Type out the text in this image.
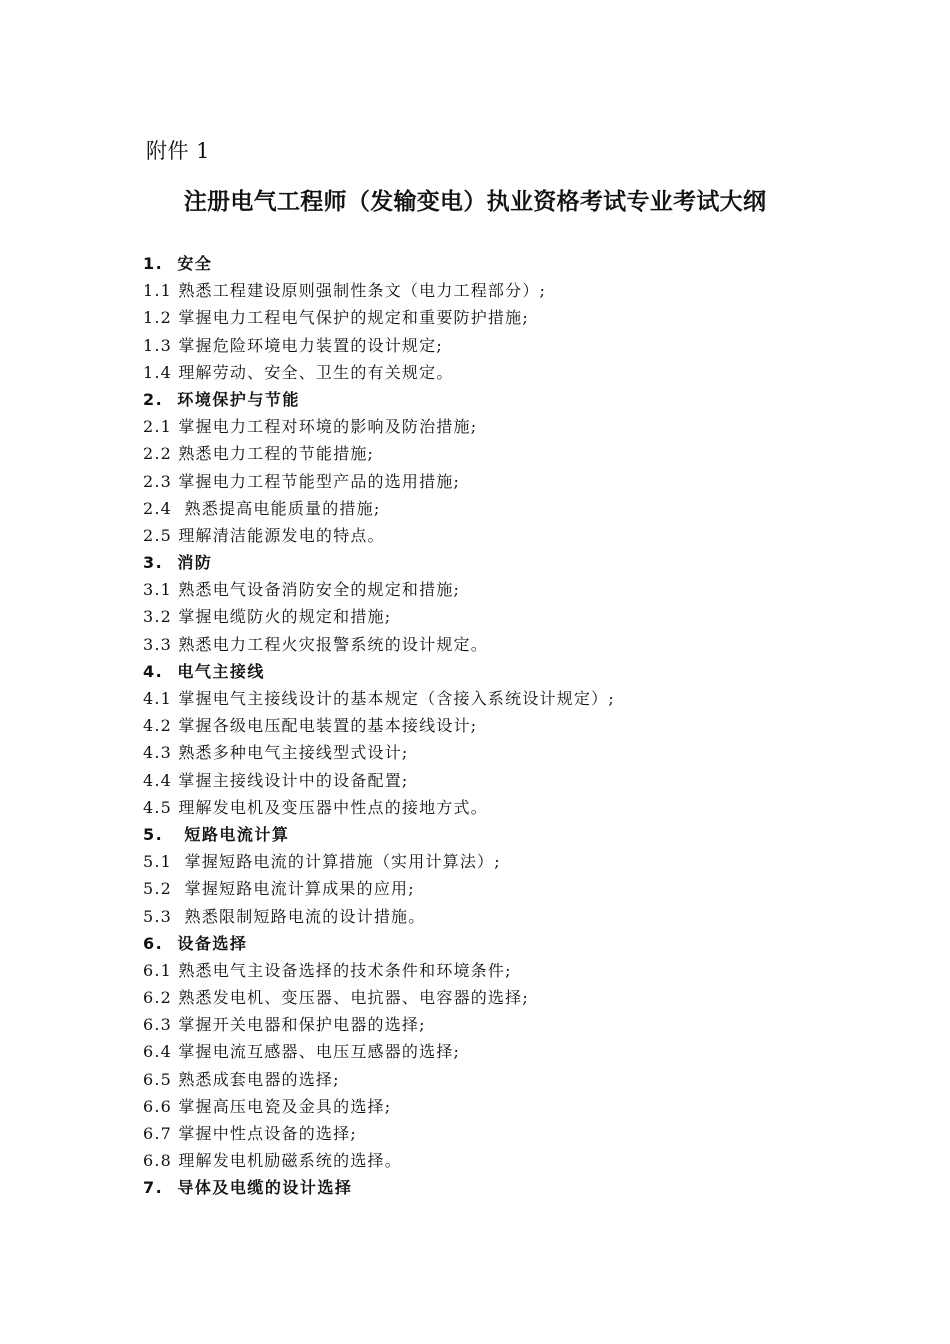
附件 1
注册电气工程师（发输变电）执业资格考试专业考试大纲
1.  安全
1.1 熟悉工程建设原则强制性条文（电力工程部分）;
1.2 掌握电力工程电气保护的规定和重要防护措施;
1.3 掌握危险环境电力装置的设计规定;
1.4 理解劳动、安全、卫生的有关规定。
2.  环境保护与节能
2.1 掌握电力工程对环境的影响及防治措施;
2.2 熟悉电力工程的节能措施;
2.3 掌握电力工程节能型产品的选用措施;
2.4  熟悉提高电能质量的措施;
2.5 理解清洁能源发电的特点。
3.  消防
3.1 熟悉电气设备消防安全的规定和措施;
3.2 掌握电缆防火的规定和措施;
3.3 熟悉电力工程火灾报警系统的设计规定。
4.  电气主接线
4.1 掌握电气主接线设计的基本规定（含接入系统设计规定）;
4.2 掌握各级电压配电装置的基本接线设计;
4.3 熟悉多种电气主接线型式设计;
4.4 掌握主接线设计中的设备配置;
4.5 理解发电机及变压器中性点的接地方式。
5.   短路电流计算
5.1  掌握短路电流的计算措施（实用计算法）;
5.2  掌握短路电流计算成果的应用;
5.3  熟悉限制短路电流的设计措施。
6.  设备选择
6.1 熟悉电气主设备选择的技术条件和环境条件;
6.2 熟悉发电机、变压器、电抗器、电容器的选择;
6.3 掌握开关电器和保护电器的选择;
6.4 掌握电流互感器、电压互感器的选择;
6.5 熟悉成套电器的选择;
6.6 掌握高压电瓷及金具的选择;
6.7 掌握中性点设备的选择;
6.8 理解发电机励磁系统的选择。
7.  导体及电缆的设计选择
